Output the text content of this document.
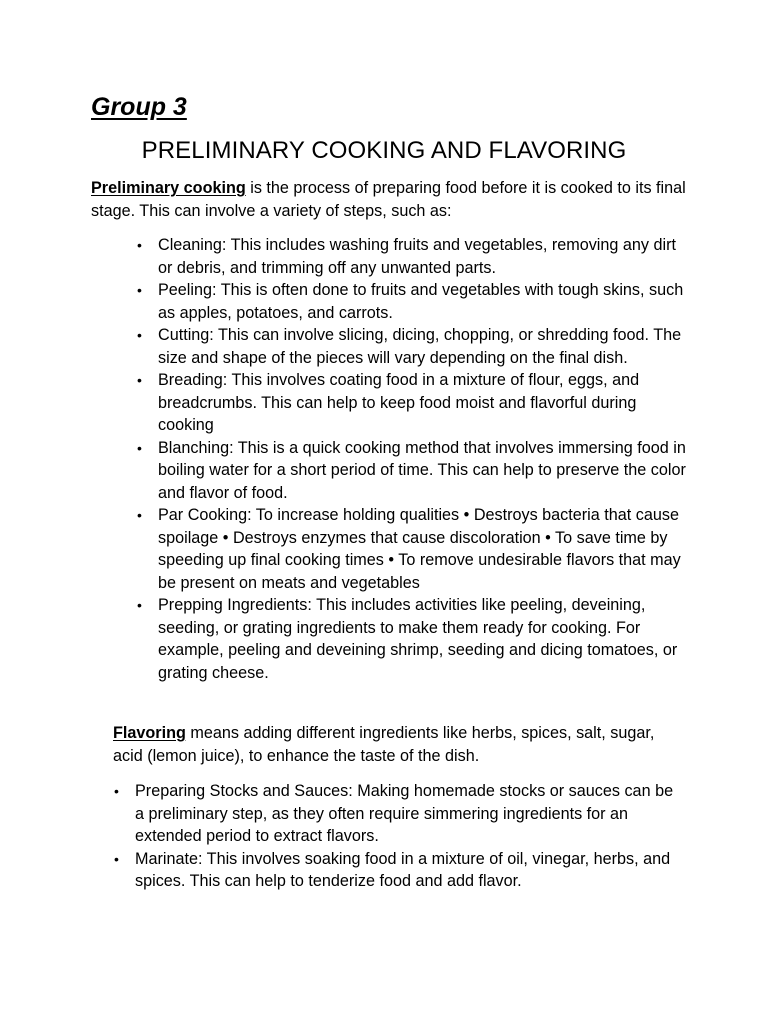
Group 3
PRELIMINARY COOKING AND FLAVORING

Preliminary cooking is the process of preparing food before it is cooked to its final stage. This can involve a variety of steps, such as:

• Cleaning: This includes washing fruits and vegetables, removing any dirt or debris, and trimming off any unwanted parts.
• Peeling: This is often done to fruits and vegetables with tough skins, such as apples, potatoes, and carrots.
• Cutting: This can involve slicing, dicing, chopping, or shredding food. The size and shape of the pieces will vary depending on the final dish.
• Breading: This involves coating food in a mixture of flour, eggs, and breadcrumbs. This can help to keep food moist and flavorful during cooking
• Blanching: This is a quick cooking method that involves immersing food in boiling water for a short period of time. This can help to preserve the color and flavor of food.
• Par Cooking: To increase holding qualities • Destroys bacteria that cause spoilage • Destroys enzymes that cause discoloration • To save time by speeding up final cooking times • To remove undesirable flavors that may be present on meats and vegetables
• Prepping Ingredients: This includes activities like peeling, deveining, seeding, or grating ingredients to make them ready for cooking. For example, peeling and deveining shrimp, seeding and dicing tomatoes, or grating cheese.

Flavoring means adding different ingredients like herbs, spices, salt, sugar, acid (lemon juice), to enhance the taste of the dish.

• Preparing Stocks and Sauces: Making homemade stocks or sauces can be a preliminary step, as they often require simmering ingredients for an extended period to extract flavors.
• Marinate: This involves soaking food in a mixture of oil, vinegar, herbs, and spices. This can help to tenderize food and add flavor.
